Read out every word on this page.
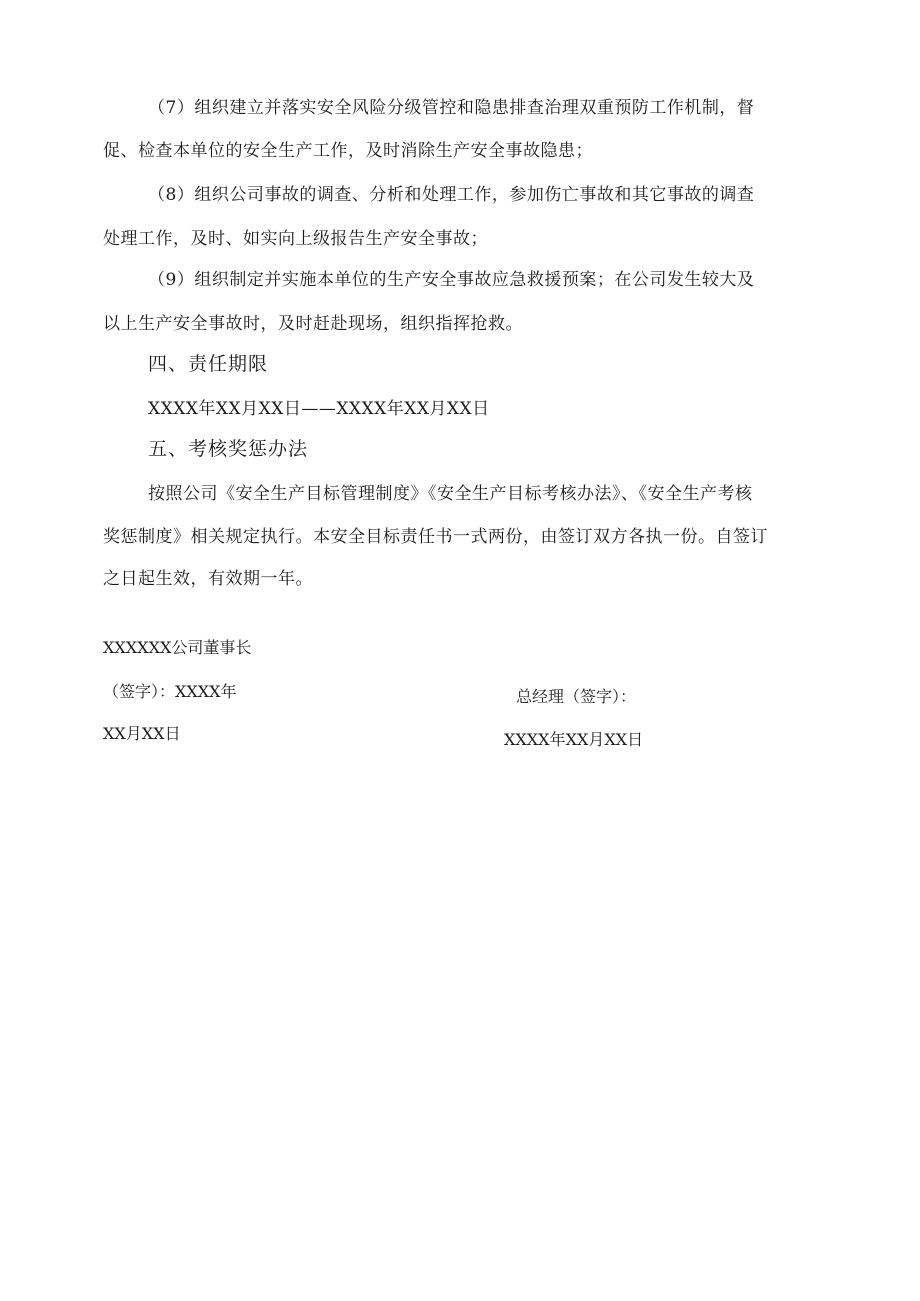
（7）组织建立并落实安全风险分级管控和隐患排查治理双重预防工作机制，督
促、检查本单位的安全生产工作，及时消除生产安全事故隐患；
（8）组织公司事故的调查、分析和处理工作，参加伤亡事故和其它事故的调查
处理工作，及时、如实向上级报告生产安全事故；
（9）组织制定并实施本单位的生产安全事故应急救援预案；在公司发生较大及
以上生产安全事故时，及时赶赴现场，组织指挥抢救。
四、责任期限
XXXX年XX月XX日——XXXX年XX月XX日
五、考核奖惩办法
按照公司《安全生产目标管理制度》《安全生产目标考核办法》、《安全生产考核
奖惩制度》相关规定执行。本安全目标责任书一式两份，由签订双方各执一份。自签订
之日起生效，有效期一年。
XXXXXX公司董事长
（签字）：XXXX年
XX月XX日
总经理（签字）：
XXXX年XX月XX日
